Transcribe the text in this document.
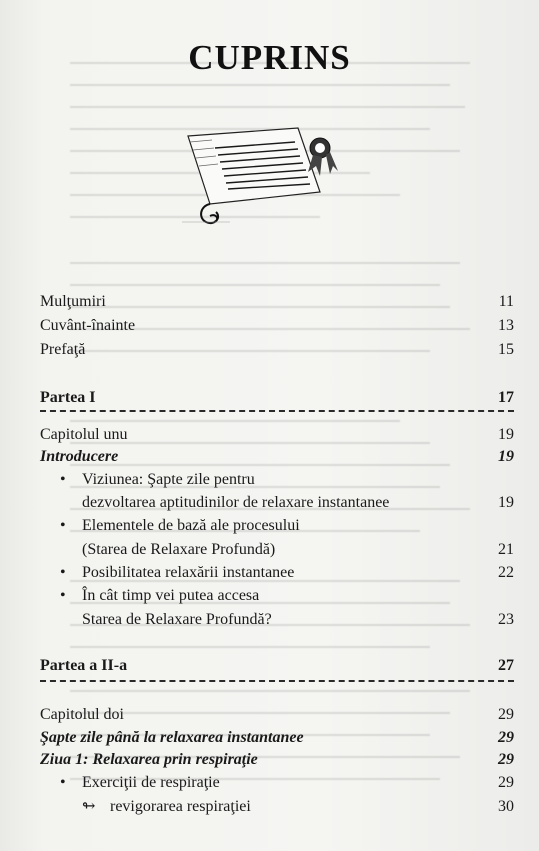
CUPRINS
Mulţumiri	11
Cuvânt-înainte	13
Prefaţă	15
Partea I	17
Capitolul unu	19
Introducere	19
•	Viziunea: Şapte zile pentru
dezvoltarea aptitudinilor de relaxare instantanee	19
•	Elementele de bază ale procesului
(Starea de Relaxare Profundă)	21
•	Posibilitatea relaxării instantanee	22
•	În cât timp vei putea accesa
Starea de Relaxare Profundă?	23
Partea a II-a	27
Capitolul doi	29
Şapte zile până la relaxarea instantanee	29
Ziua 1: Relaxarea prin respiraţie	29
•	Exerciţii de respiraţie	29
↬ revigorarea respiraţiei	30
